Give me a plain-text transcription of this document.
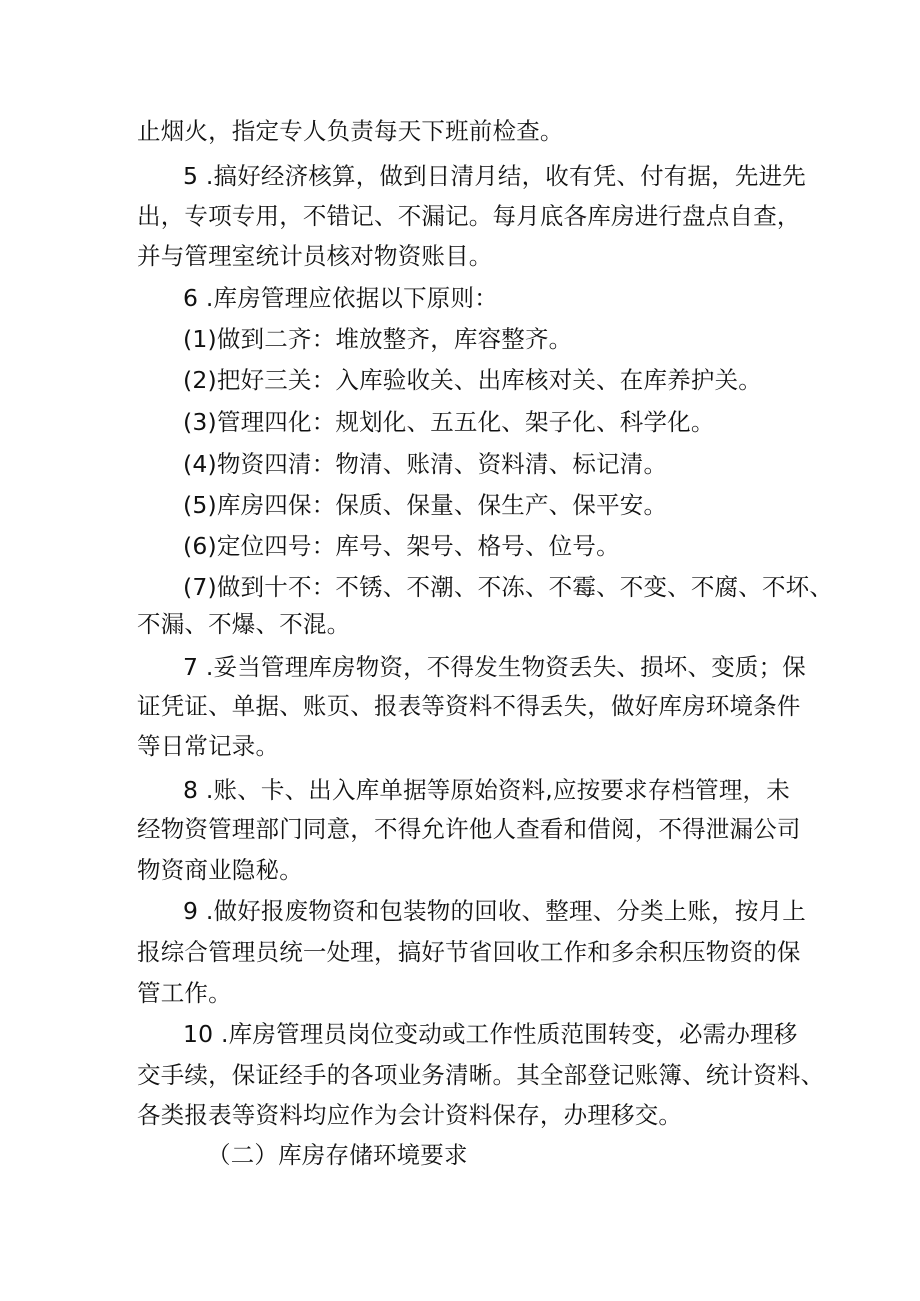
止烟火，指定专人负责每天下班前检查。
5 .搞好经济核算，做到日清月结，收有凭、付有据，先进先
出，专项专用，不错记、不漏记。每月底各库房进行盘点自查，
并与管理室统计员核对物资账目。
6 .库房管理应依据以下原则：
(1)做到二齐：堆放整齐，库容整齐。
(2)把好三关：入库验收关、出库核对关、在库养护关。
(3)管理四化：规划化、五五化、架子化、科学化。
(4)物资四清：物清、账清、资料清、标记清。
(5)库房四保：保质、保量、保生产、保平安。
(6)定位四号：库号、架号、格号、位号。
(7)做到十不：不锈、不潮、不冻、不霉、不变、不腐、不坏、
不漏、不爆、不混。
7 .妥当管理库房物资，不得发生物资丢失、损坏、变质；保
证凭证、单据、账页、报表等资料不得丢失，做好库房环境条件
等日常记录。
8 .账、卡、出入库单据等原始资料,应按要求存档管理，未
经物资管理部门同意，不得允许他人查看和借阅，不得泄漏公司
物资商业隐秘。
9 .做好报废物资和包装物的回收、整理、分类上账，按月上
报综合管理员统一处理，搞好节省回收工作和多余积压物资的保
管工作。
10 .库房管理员岗位变动或工作性质范围转变，必需办理移
交手续，保证经手的各项业务清晰。其全部登记账簿、统计资料、
各类报表等资料均应作为会计资料保存，办理移交。
（二）库房存储环境要求
